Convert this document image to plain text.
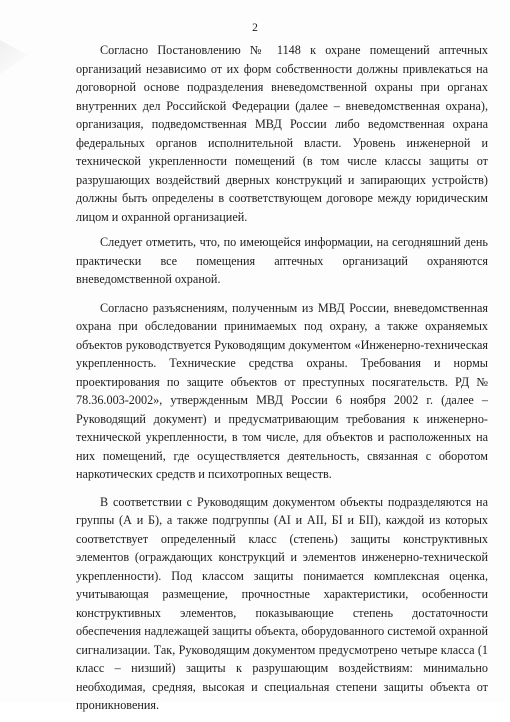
2

Согласно Постановлению № 1148 к охране помещений аптечных организаций независимо от их форм собственности должны привлекаться на договорной основе подразделения вневедомственной охраны при органах внутренних дел Российской Федерации (далее – вневедомственная охрана), организация, подведомственная МВД России либо ведомственная охрана федеральных органов исполнительной власти. Уровень инженерной и технической укрепленности помещений (в том числе классы защиты от разрушающих воздействий дверных конструкций и запирающих устройств) должны быть определены в соответствующем договоре между юридическим лицом и охранной организацией.

Следует отметить, что, по имеющейся информации, на сегодняшний день практически все помещения аптечных организаций охраняются вневедомственной охраной.

Согласно разъяснениям, полученным из МВД России, вневедомственная охрана при обследовании принимаемых под охрану, а также охраняемых объектов руководствуется Руководящим документом «Инженерно-техническая укрепленность. Технические средства охраны. Требования и нормы проектирования по защите объектов от преступных посягательств. РД № 78.36.003-2002», утвержденным МВД России 6 ноября 2002 г. (далее – Руководящий документ) и предусматривающим требования к инженерно-технической укрепленности, в том числе, для объектов и расположенных на них помещений, где осуществляется деятельность, связанная с оборотом наркотических средств и психотропных веществ.

В соответствии с Руководящим документом объекты подразделяются на группы (А и Б), а также подгруппы (АI и АII, БI и БII), каждой из которых соответствует определенный класс (степень) защиты конструктивных элементов (ограждающих конструкций и элементов инженерно-технической укрепленности). Под классом защиты понимается комплексная оценка, учитывающая размещение, прочностные характеристики, особенности конструктивных элементов, показывающие степень достаточности обеспечения надлежащей защиты объекта, оборудованного системой охранной сигнализации. Так, Руководящим документом предусмотрено четыре класса (1 класс – низший) защиты к разрушающим воздействиям: минимально необходимая, средняя, высокая и специальная степени защиты объекта от проникновения.
